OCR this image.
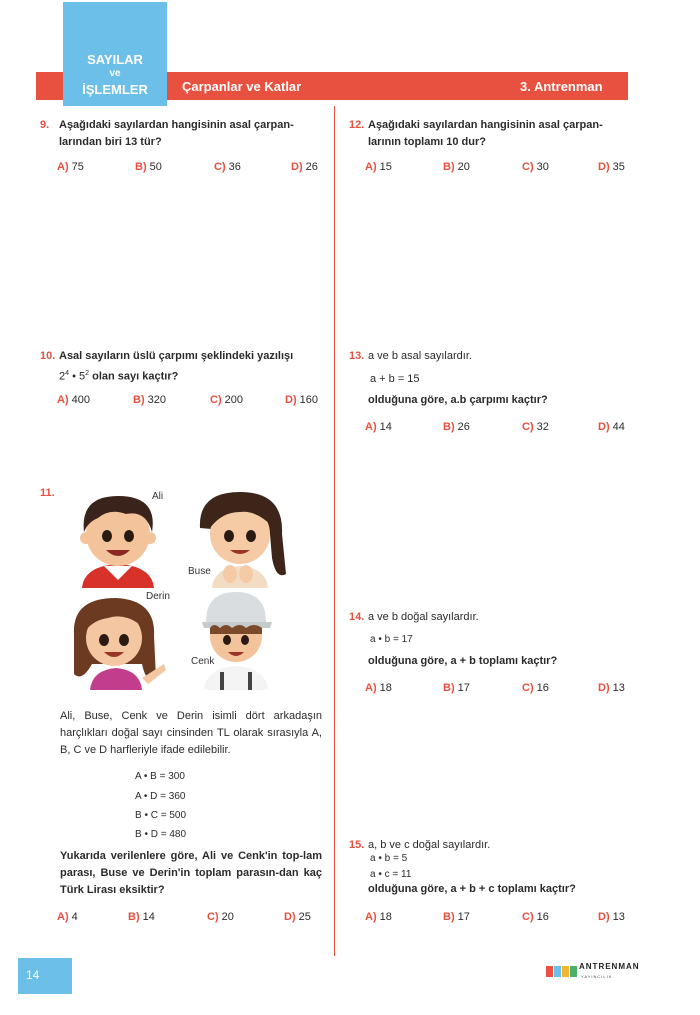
SAYILAR
ve
İŞLEMLER	Çarpanlar ve Katlar	3. Antrenman
9. Aşağıdaki sayılardan hangisinin asal çarpan-
larından biri 13 tür?
A) 75	B) 50	C) 36	D) 26
10. Asal sayıların üslü çarpımı şeklindeki yazılışı
$2^4$ • $5^2$ olan sayı kaçtır?
A) 400	B) 320	C) 200	D) 160
11.	Ali
Buse
Derin
Cenk
Ali, Buse, Cenk ve Derin isimli dört arkadaşın harçlıkları doğal sayı cinsinden TL olarak sırasıyla A, B, C ve D harfleriyle ifade edilebilir.
A • B = 300
A • D = 360
B • C = 500
B • D = 480
Yukarıda verilenlere göre, Ali ve Cenk'in top-lam parası, Buse ve Derin'in toplam parasın-dan kaç Türk Lirası eksiktir?
A) 4	B) 14	C) 20	D) 25
12. Aşağıdaki sayılardan hangisinin asal çarpan-
larının toplamı 10 dur?
A) 15	B) 20	C) 30	D) 35
13. a ve b asal sayılardır.
a + b = 15
olduğuna göre, a.b çarpımı kaçtır?
A) 14	B) 26	C) 32	D) 44
14. a ve b doğal sayılardır.
a • b = 17
olduğuna göre, a + b toplamı kaçtır?
A) 18	B) 17	C) 16	D) 13
15. a, b ve c doğal sayılardır.
a • b = 5
a • c = 11
olduğuna göre, a + b + c toplamı kaçtır?
A) 18	B) 17	C) 16	D) 13
14
ANTRENMAN
YAYINCILIK
